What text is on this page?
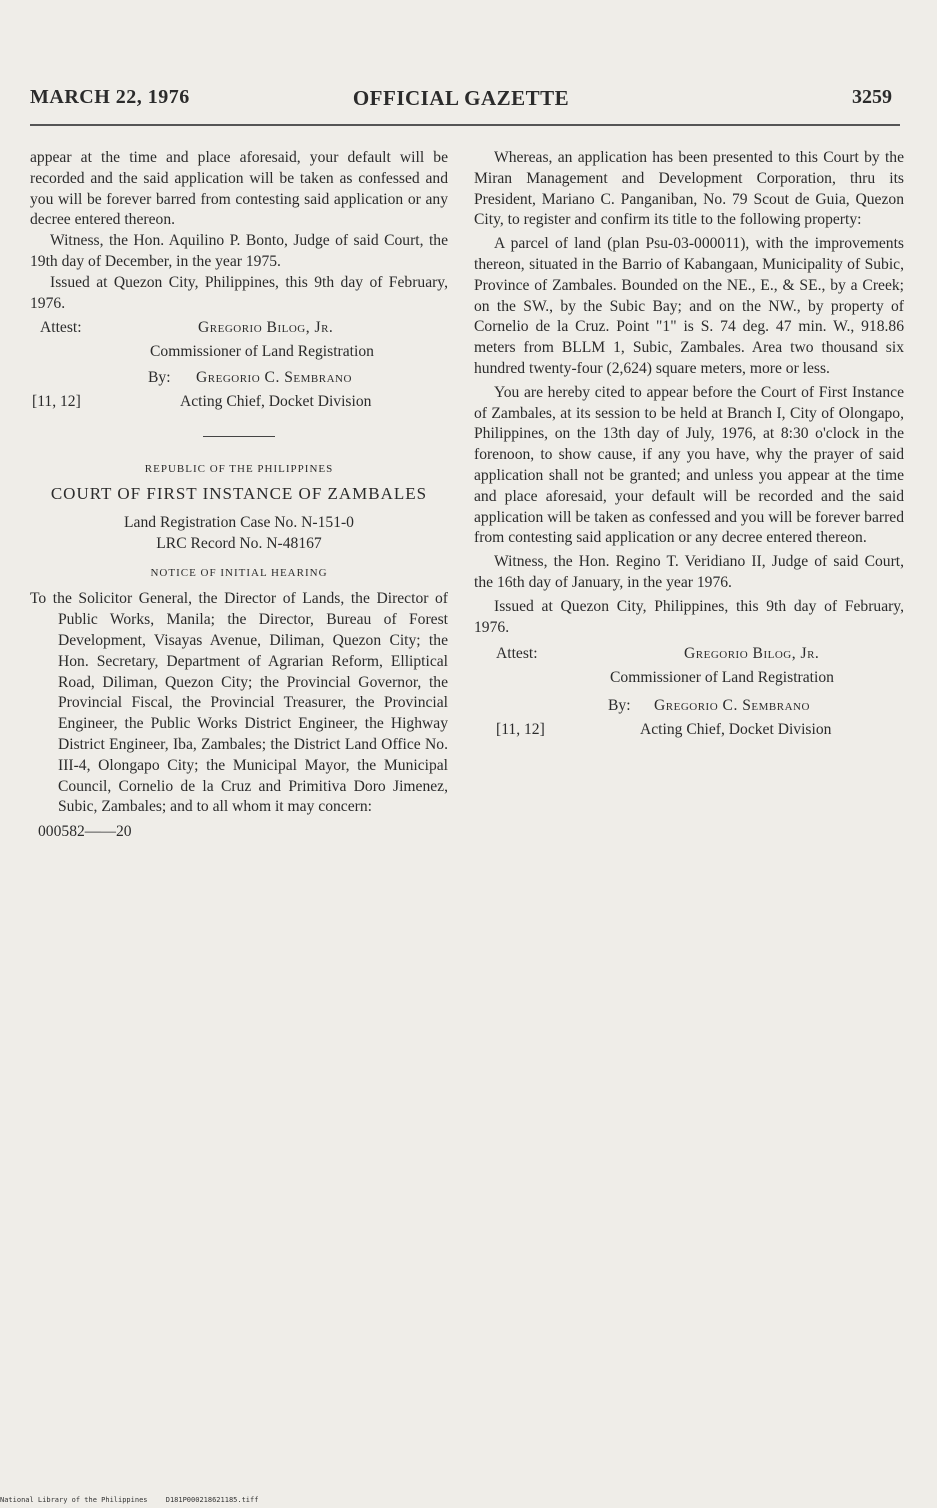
OFFICIAL GAZETTE
MARCH 22, 1976	3259

appear at the time and place aforesaid, your default will be recorded and the said application will be taken as confessed and you will be forever barred from contesting said application or any decree entered thereon.

Witness, the Hon. Aquilino P. Bonto, Judge of said Court, the 19th day of December, in the year 1975.

Issued at Quezon City, Philippines, this 9th day of February, 1976.

Attest:	Gregorio Bilog, Jr.
Commissioner of Land Registration
By: Gregorio C. Sembrano
[11, 12]	Acting Chief, Docket Division

REPUBLIC OF THE PHILIPPINES

COURT OF FIRST INSTANCE OF ZAMBALES

Land Registration Case No. N-151-0

LRC Record No. N-48167

NOTICE OF INITIAL HEARING

To the Solicitor General, the Director of Lands, the Director of Public Works, Manila; the Director, Bureau of Forest Development, Visayas Avenue, Diliman, Quezon City; the Hon. Secretary, Department of Agrarian Reform, Elliptical Road, Diliman, Quezon City; the Provincial Governor, the Provincial Fiscal, the Provincial Treasurer, the Provincial Engineer, the Public Works District Engineer, the Highway District Engineer, Iba, Zambales; the District Land Office No. III-4, Olongapo City; the Municipal Mayor, the Municipal Council, Cornelio de la Cruz and Primitiva Doro Jimenez, Subic, Zambales; and to all whom it may concern:

000582——20

Whereas, an application has been presented to this Court by the Miran Management and Development Corporation, thru its President, Mariano C. Panganiban, No. 79 Scout de Guia, Quezon City, to register and confirm its title to the following property:

A parcel of land (plan Psu-03-000011), with the improvements thereon, situated in the Barrio of Kabangaan, Municipality of Subic, Province of Zambales. Bounded on the NE., E., & SE., by a Creek; on the SW., by the Subic Bay; and on the NW., by property of Cornelio de la Cruz. Point "1" is S. 74 deg. 47 min. W., 918.86 meters from BLLM 1, Subic, Zambales. Area two thousand six hundred twenty-four (2,624) square meters, more or less.

You are hereby cited to appear before the Court of First Instance of Zambales, at its session to be held at Branch I, City of Olongapo, Philippines, on the 13th day of July, 1976, at 8:30 o'clock in the forenoon, to show cause, if any you have, why the prayer of said application shall not be granted; and unless you appear at the time and place aforesaid, your default will be recorded and the said application will be taken as confessed and you will be forever barred from contesting said application or any decree entered thereon.

Witness, the Hon. Regino T. Veridiano II, Judge of said Court, the 16th day of January, in the year 1976.

Issued at Quezon City, Philippines, this 9th day of February, 1976.

Attest:	Gregorio Bilog, Jr.
Commissioner of Land Registration
By: Gregorio C. Sembrano
[11, 12]	Acting Chief, Docket Division
National Library of the Philippines	D181P000218621185.tiff
